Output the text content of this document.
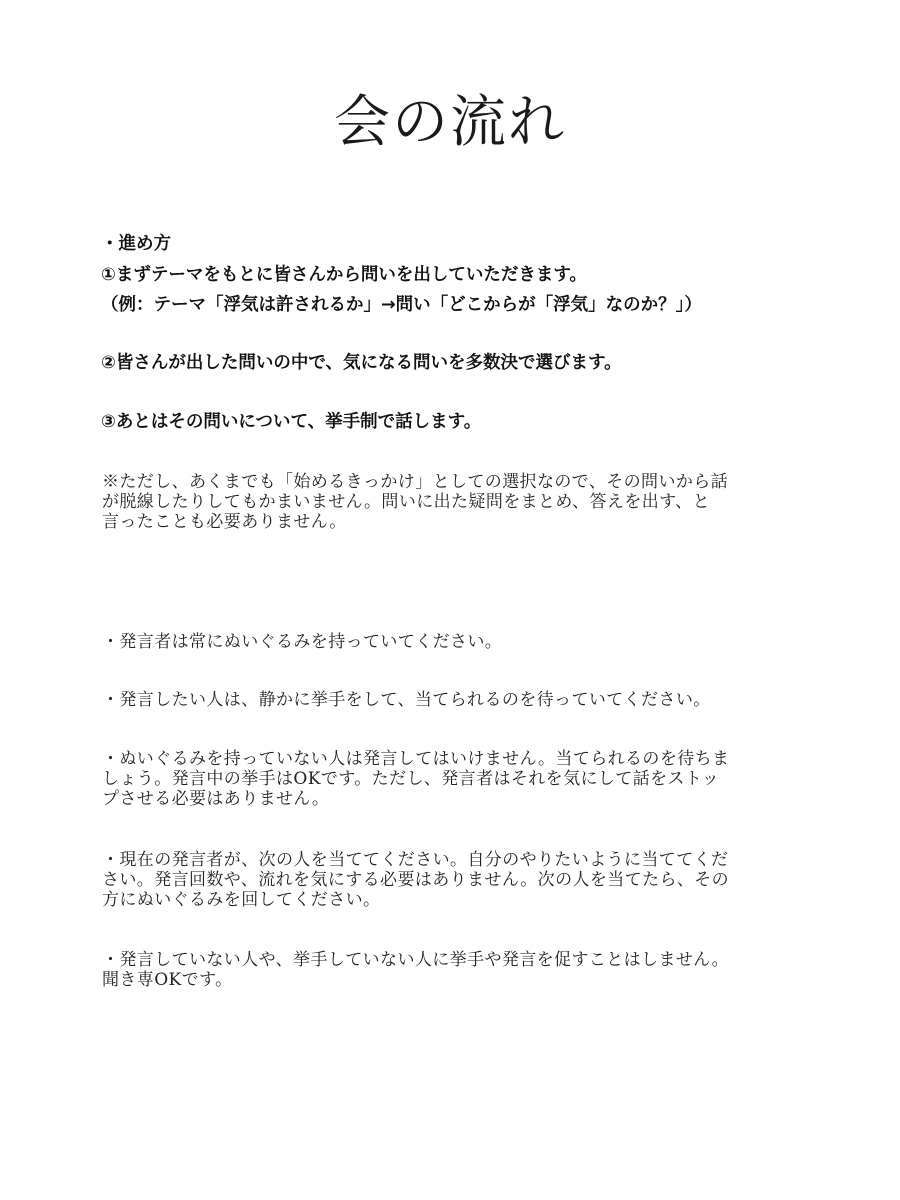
会の流れ
・進め方
①まずテーマをもとに皆さんから問いを出していただきます。
（例：テーマ「浮気は許されるか」→問い「どこからが「浮気」なのか？」）
②皆さんが出した問いの中で、気になる問いを多数決で選びます。
③あとはその問いについて、挙手制で話します。
※ただし、あくまでも「始めるきっかけ」としての選択なので、その問いから話
が脱線したりしてもかまいません。問いに出た疑問をまとめ、答えを出す、と
言ったことも必要ありません。
・発言者は常にぬいぐるみを持っていてください。
・発言したい人は、静かに挙手をして、当てられるのを待っていてください。
・ぬいぐるみを持っていない人は発言してはいけません。当てられるのを待ちま
しょう。発言中の挙手はOKです。ただし、発言者はそれを気にして話をストッ
プさせる必要はありません。
・現在の発言者が、次の人を当ててください。自分のやりたいように当ててくだ
さい。発言回数や、流れを気にする必要はありません。次の人を当てたら、その
方にぬいぐるみを回してください。
・発言していない人や、挙手していない人に挙手や発言を促すことはしません。
聞き専OKです。
